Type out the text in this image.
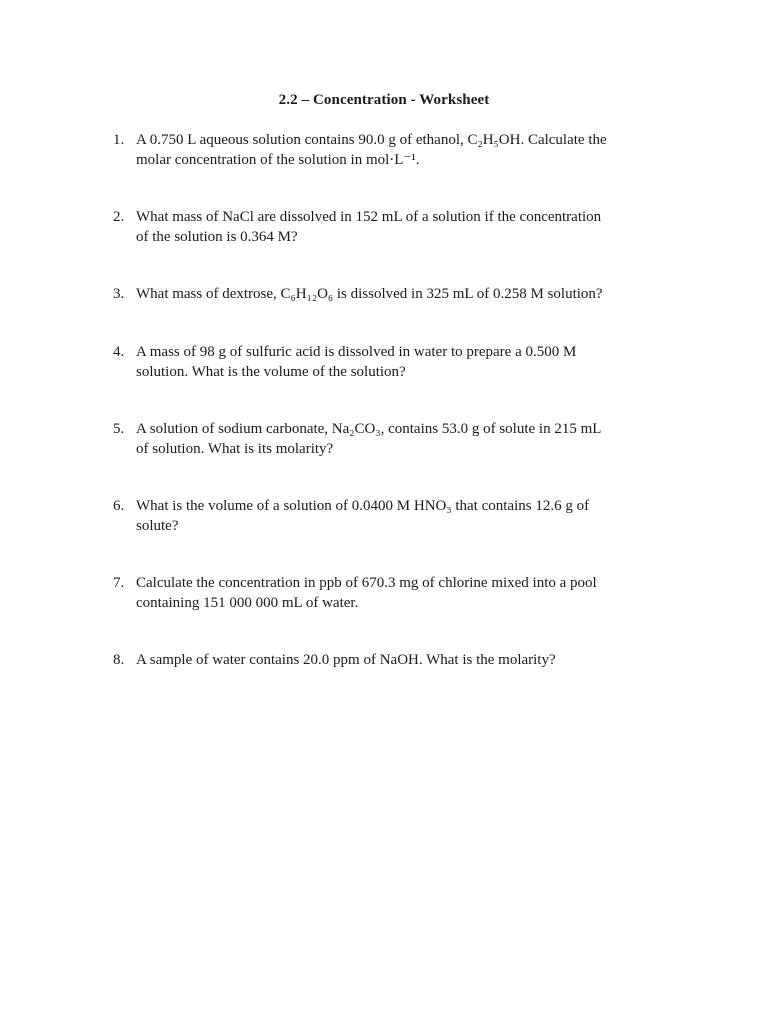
2.2 – Concentration - Worksheet
1. A 0.750 L aqueous solution contains 90.0 g of ethanol, C₂H₅OH. Calculate the
molar concentration of the solution in mol·L⁻¹.
2. What mass of NaCl are dissolved in 152 mL of a solution if the concentration
of the solution is 0.364 M?
3. What mass of dextrose, C₆H₁₂O₆ is dissolved in 325 mL of 0.258 M solution?
4. A mass of 98 g of sulfuric acid is dissolved in water to prepare a 0.500 M
solution. What is the volume of the solution?
5. A solution of sodium carbonate, Na₂CO₃, contains 53.0 g of solute in 215 mL
of solution. What is its molarity?
6. What is the volume of a solution of 0.0400 M HNO₃ that contains 12.6 g of
solute?
7. Calculate the concentration in ppb of 670.3 mg of chlorine mixed into a pool
containing 151 000 000 mL of water.
8. A sample of water contains 20.0 ppm of NaOH. What is the molarity?
